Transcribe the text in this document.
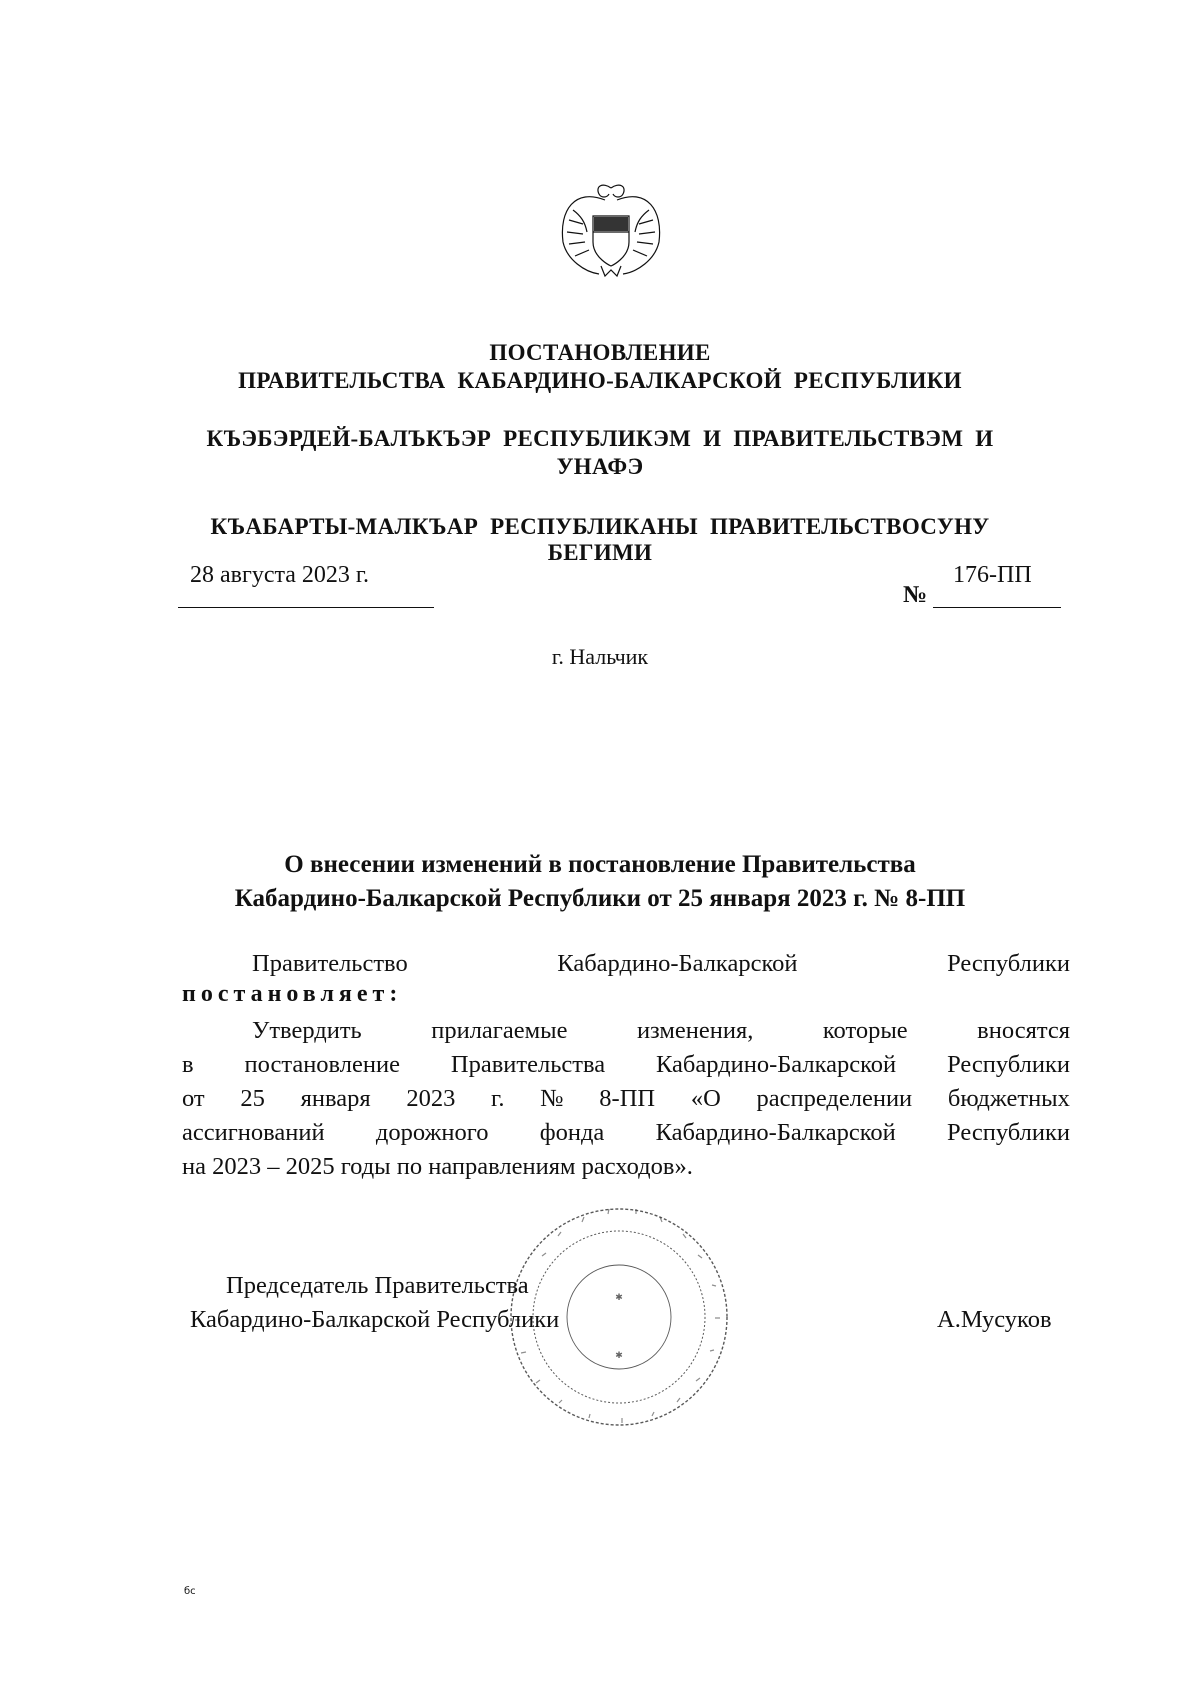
ПОСТАНОВЛЕНИЕ
ПРАВИТЕЛЬСТВА КАБАРДИНО-БАЛКАРСКОЙ РЕСПУБЛИКИ
КЪЭБЭРДЕЙ-БАЛЪКЪЭР РЕСПУБЛИКЭМ И ПРАВИТЕЛЬСТВЭМ И
УНАФЭ
КЪАБАРТЫ-МАЛКЪАР РЕСПУБЛИКАНЫ ПРАВИТЕЛЬСТВОСУНУ
БЕГИМИ
28 августа 2023 г.
№
176-ПП
г. Нальчик
О внесении изменений в постановление Правительства
Кабардино-Балкарской Республики от 25 января 2023 г. № 8-ПП
Правительство	Кабардино-Балкарской	Республики
постановляет:
Утвердить	прилагаемые	изменения,	которые	вносятся
в постановление Правительства Кабардино-Балкарской Республики
от 25 января 2023 г. № 8-ПП «О распределении бюджетных
ассигнований дорожного фонда Кабардино-Балкарской Республики
на 2023 – 2025 годы по направлениям расходов».
✱
✱
Председатель Правительства
Кабардино-Балкарской Республики	А.Мусуков
бс
